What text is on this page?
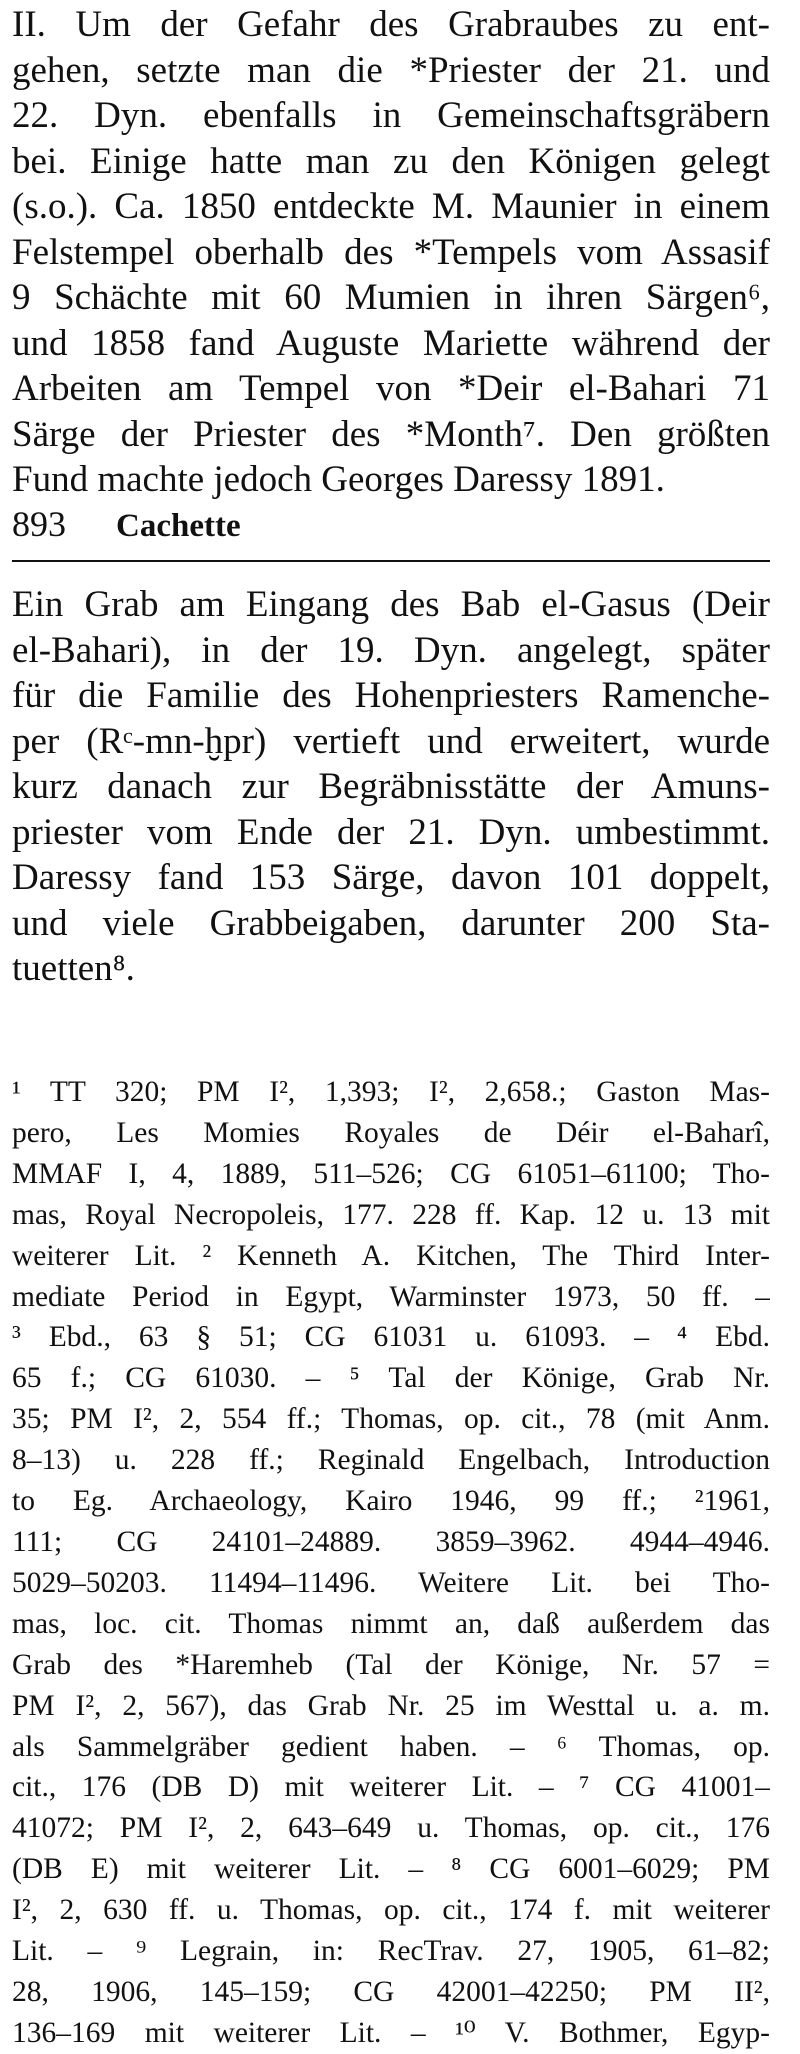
II. Um der Gefahr des Grabraubes zu ent-
gehen, setzte man die *Priester der 21. und
22. Dyn. ebenfalls in Gemeinschaftsgräbern
bei. Einige hatte man zu den Königen gelegt
(s.o.). Ca. 1850 entdeckte M. Maunier in einem
Felstempel oberhalb des *Tempels vom Assasif
9 Schächte mit 60 Mumien in ihren Särgen⁶,
und 1858 fand Auguste Mariette während der
Arbeiten am Tempel von *Deir el-Bahari 71
Särge der Priester des *Month⁷. Den größten
Fund machte jedoch Georges Daressy 1891.
893 Cachette
Ein Grab am Eingang des Bab el-Gasus (Deir
el-Bahari), in der 19. Dyn. angelegt, später
für die Familie des Hohenpriesters Ramenche-
per (Rᶜ-mn-ḫpr) vertieft und erweitert, wurde
kurz danach zur Begräbnisstätte der Amuns-
priester vom Ende der 21. Dyn. umbestimmt.
Daressy fand 153 Särge, davon 101 doppelt,
und viele Grabbeigaben, darunter 200 Sta-
tuetten⁸.
¹ TT 320; PM I², 1,393; I², 2,658.; Gaston Mas-
pero, Les Momies Royales de Déir el-Baharî,
MMAF I, 4, 1889, 511–526; CG 61051–61100; Tho-
mas, Royal Necropoleis, 177. 228 ff. Kap. 12 u. 13 mit
weiterer Lit. ² Kenneth A. Kitchen, The Third Inter-
mediate Period in Egypt, Warminster 1973, 50 ff. –
³ Ebd., 63 § 51; CG 61031 u. 61093. – ⁴ Ebd.
65 f.; CG 61030. – ⁵ Tal der Könige, Grab Nr.
35; PM I², 2, 554 ff.; Thomas, op. cit., 78 (mit Anm.
8–13) u. 228 ff.; Reginald Engelbach, Introduction
to Eg. Archaeology, Kairo 1946, 99 ff.; ²1961,
111; CG 24101–24889. 3859–3962. 4944–4946.
5029–50203. 11494–11496. Weitere Lit. bei Tho-
mas, loc. cit. Thomas nimmt an, daß außerdem das
Grab des *Haremheb (Tal der Könige, Nr. 57 =
PM I², 2, 567), das Grab Nr. 25 im Westtal u. a. m.
als Sammelgräber gedient haben. – ⁶ Thomas, op.
cit., 176 (DB D) mit weiterer Lit. – ⁷ CG 41001–
41072; PM I², 2, 643–649 u. Thomas, op. cit., 176
(DB E) mit weiterer Lit. – ⁸ CG 6001–6029; PM
I², 2, 630 ff. u. Thomas, op. cit., 174 f. mit weiterer
Lit. – ⁹ Legrain, in: RecTrav. 27, 1905, 61–82;
28, 1906, 145–159; CG 42001–42250; PM II²,
136–169 mit weiterer Lit. – ¹⁰ V. Bothmer, Egyp-
